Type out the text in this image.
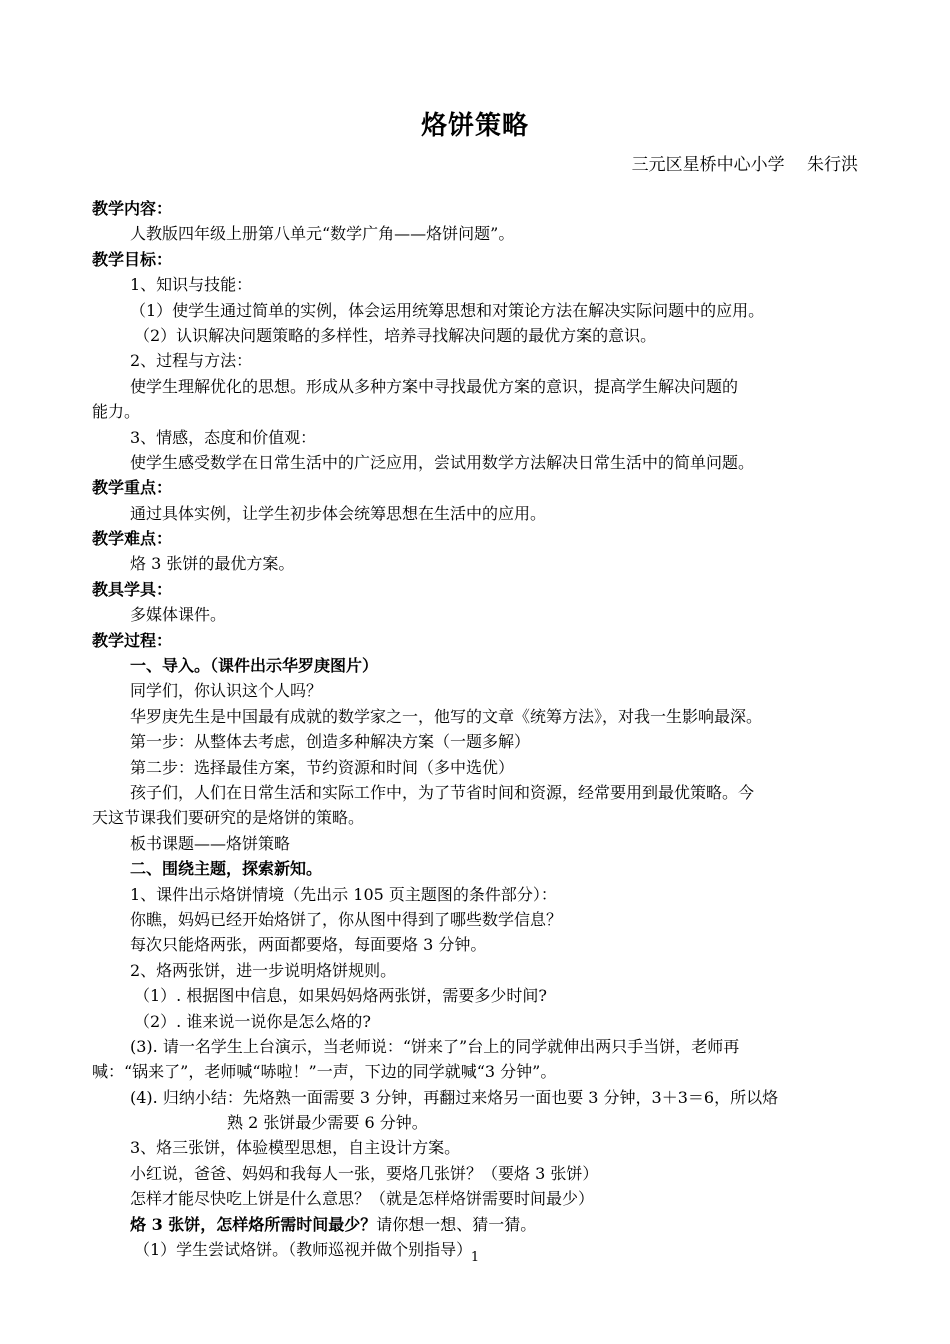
烙饼策略
三元区星桥中心小学　 朱行洪
教学内容：
人教版四年级上册第八单元“数学广角——烙饼问题”。
教学目标：
1、知识与技能：
（1）使学生通过简单的实例，体会运用统筹思想和对策论方法在解决实际问题中的应用。
（2）认识解决问题策略的多样性，培养寻找解决问题的最优方案的意识。
2、过程与方法：
使学生理解优化的思想。形成从多种方案中寻找最优方案的意识，提高学生解决问题的
能力。
3、情感，态度和价值观：
使学生感受数学在日常生活中的广泛应用，尝试用数学方法解决日常生活中的简单问题。
教学重点：
通过具体实例，让学生初步体会统筹思想在生活中的应用。
教学难点：
烙 3 张饼的最优方案。
教具学具：
多媒体课件。
教学过程：
一、导入。（课件出示华罗庚图片）
同学们，你认识这个人吗？
华罗庚先生是中国最有成就的数学家之一，他写的文章《统筹方法》，对我一生影响最深。
第一步：从整体去考虑，创造多种解决方案（一题多解）
第二步：选择最佳方案，节约资源和时间（多中选优）
孩子们，人们在日常生活和实际工作中，为了节省时间和资源，经常要用到最优策略。今
天这节课我们要研究的是烙饼的策略。
板书课题——烙饼策略
二、围绕主题，探索新知。
1、课件出示烙饼情境（先出示 105 页主题图的条件部分）：
你瞧，妈妈已经开始烙饼了，你从图中得到了哪些数学信息？
每次只能烙两张，两面都要烙，每面要烙 3 分钟。
2、烙两张饼，进一步说明烙饼规则。
（1）. 根据图中信息，如果妈妈烙两张饼，需要多少时间?
（2）. 谁来说一说你是怎么烙的?
(3). 请一名学生上台演示，当老师说：“饼来了”台上的同学就伸出两只手当饼，老师再
喊：“锅来了”，老师喊“哧啦！”一声，下边的同学就喊“3 分钟”。
(4). 归纳小结：先烙熟一面需要 3 分钟，再翻过来烙另一面也要 3 分钟，3＋3＝6，所以烙
熟 2 张饼最少需要 6 分钟。
3、烙三张饼，体验模型思想，自主设计方案。
小红说，爸爸、妈妈和我每人一张，要烙几张饼？（要烙 3 张饼）
怎样才能尽快吃上饼是什么意思？（就是怎样烙饼需要时间最少）
烙 3 张饼，怎样烙所需时间最少？请你想一想、猜一猜。
（1）学生尝试烙饼。（教师巡视并做个别指导）
1
